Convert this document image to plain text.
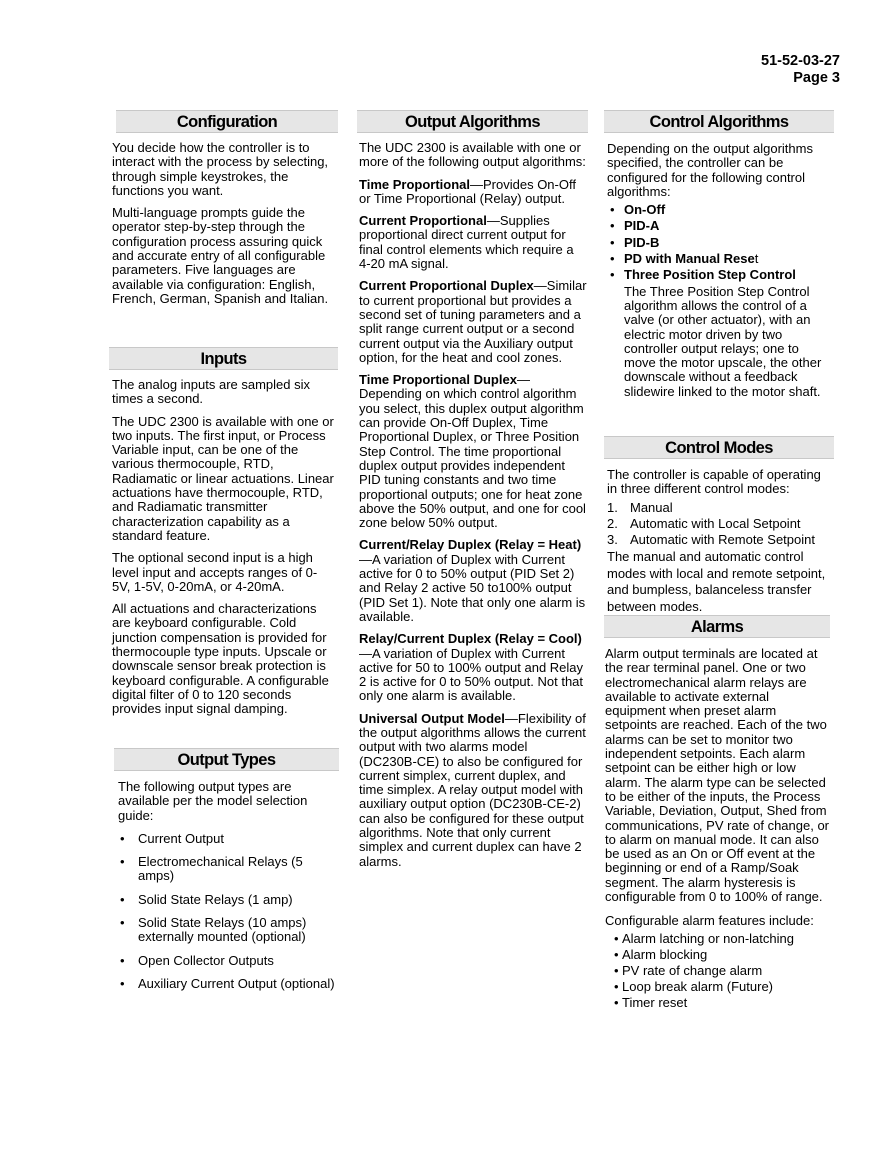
51-52-03-27
Page 3
Configuration

You decide how the controller is to interact with the process by selecting, through simple keystrokes, the functions you want.

Multi-language prompts guide the operator step-by-step through the configuration process assuring quick and accurate entry of all configurable parameters. Five languages are available via configuration: English, French, German, Spanish and Italian.

Inputs

The analog inputs are sampled six times a second.

The UDC 2300 is available with one or two inputs. The first input, or Process Variable input, can be one of the various thermocouple, RTD, Radiamatic or linear actuations. Linear actuations have thermocouple, RTD, and Radiamatic transmitter characterization capability as a standard feature.

The optional second input is a high level input and accepts ranges of 0-5V, 1-5V, 0-20mA, or 4-20mA.

All actuations and characterizations are keyboard configurable. Cold junction compensation is provided for thermocouple type inputs. Upscale or downscale sensor break protection is keyboard configurable. A configurable digital filter of 0 to 120 seconds provides input signal damping.

Output Types

The following output types are available per the model selection guide:

• Current Output
• Electromechanical Relays (5 amps)
• Solid State Relays (1 amp)
• Solid State Relays (10 amps) externally mounted (optional)
• Open Collector Outputs
• Auxiliary Current Output (optional)
Output Algorithms

The UDC 2300 is available with one or more of the following output algorithms:

Time Proportional—Provides On-Off or Time Proportional (Relay) output.

Current Proportional—Supplies proportional direct current output for final control elements which require a 4-20 mA signal.

Current Proportional Duplex—Similar to current proportional but provides a second set of tuning parameters and a split range current output or a second current output via the Auxiliary output option, for the heat and cool zones.

Time Proportional Duplex—Depending on which control algorithm you select, this duplex output algorithm can provide On-Off Duplex, Time Proportional Duplex, or Three Position Step Control. The time proportional duplex output provides independent PID tuning constants and two time proportional outputs; one for heat zone above the 50% output, and one for cool zone below 50% output.

Current/Relay Duplex (Relay = Heat)—A variation of Duplex with Current active for 0 to 50% output (PID Set 2) and Relay 2 active 50 to100% output (PID Set 1). Note that only one alarm is available.

Relay/Current Duplex (Relay = Cool)—A variation of Duplex with Current active for 50 to 100% output and Relay 2 is active for 0 to 50% output. Not that only one alarm is available.

Universal Output Model—Flexibility of the output algorithms allows the current output with two alarms model (DC230B-CE) to also be configured for current simplex, current duplex, and time simplex. A relay output model with auxiliary output option (DC230B-CE-2) can also be configured for these output algorithms. Note that only current simplex and current duplex can have 2 alarms.

Control Algorithms

Depending on the output algorithms specified, the controller can be configured for the following control algorithms:

• On-Off
• PID-A
• PID-B
• PD with Manual Reset
• Three Position Step Control
The Three Position Step Control algorithm allows the control of a valve (or other actuator), with an electric motor driven by two controller output relays; one to move the motor upscale, the other downscale without a feedback slidewire linked to the motor shaft.
Control Modes
The controller is capable of operating in three different control modes:
1. Manual
2. Automatic with Local Setpoint
3. Automatic with Remote Setpoint
The manual and automatic control modes with local and remote setpoint, and bumpless, balanceless transfer between modes.
Alarms

Alarm output terminals are located at the rear terminal panel. One or two electromechanical alarm relays are available to activate external equipment when preset alarm setpoints are reached. Each of the two alarms can be set to monitor two independent setpoints. Each alarm setpoint can be either high or low alarm. The alarm type can be selected to be either of the inputs, the Process Variable, Deviation, Output, Shed from communications, PV rate of change, or to alarm on manual mode. It can also be used as an On or Off event at the beginning or end of a Ramp/Soak segment. The alarm hysteresis is configurable from 0 to 100% of range.

Configurable alarm features include:
• Alarm latching or non-latching
• Alarm blocking
• PV rate of change alarm
• Loop break alarm (Future)
• Timer reset
